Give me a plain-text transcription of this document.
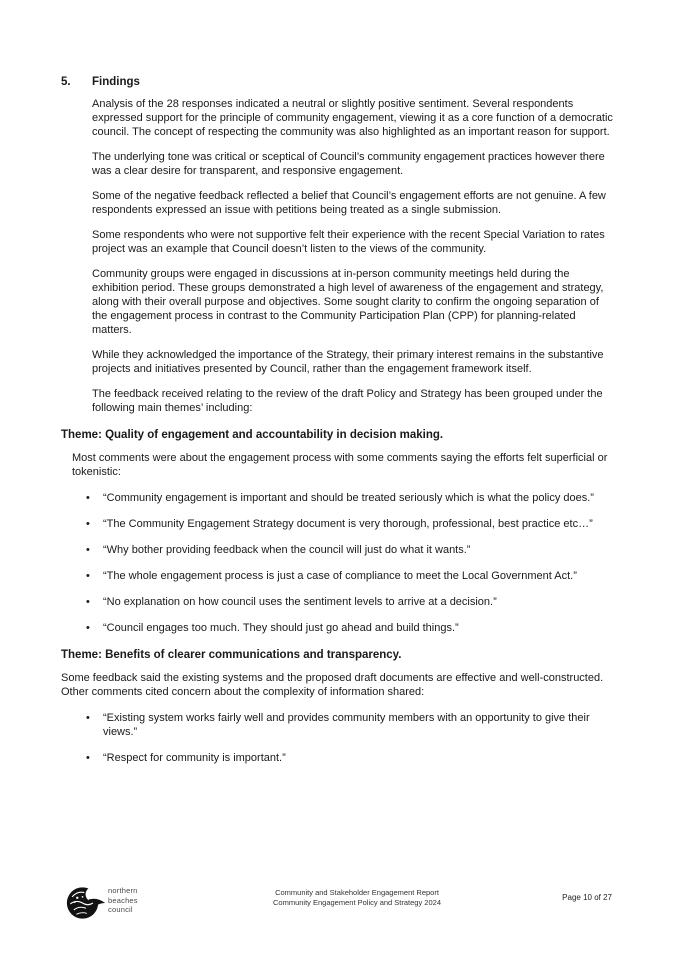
5.	Findings

Analysis of the 28 responses indicated a neutral or slightly positive sentiment. Several respondents expressed support for the principle of community engagement, viewing it as a core function of a democratic council. The concept of respecting the community was also highlighted as an important reason for support.

The underlying tone was critical or sceptical of Council’s community engagement practices however there was a clear desire for transparent, and responsive engagement.

Some of the negative feedback reflected a belief that Council’s engagement efforts are not genuine. A few respondents expressed an issue with petitions being treated as a single submission.

Some respondents who were not supportive felt their experience with the recent Special Variation to rates project was an example that Council doesn’t listen to the views of the community.

Community groups were engaged in discussions at in-person community meetings held during the exhibition period. These groups demonstrated a high level of awareness of the engagement and strategy, along with their overall purpose and objectives. Some sought clarity to confirm the ongoing separation of the engagement process in contrast to the Community Participation Plan (CPP) for planning-related matters.

While they acknowledged the importance of the Strategy, their primary interest remains in the substantive projects and initiatives presented by Council, rather than the engagement framework itself.

The feedback received relating to the review of the draft Policy and Strategy has been grouped under the following main themes’ including:

Theme: Quality of engagement and accountability in decision making.

Most comments were about the engagement process with some comments saying the efforts felt superficial or tokenistic:

• “Community engagement is important and should be treated seriously which is what the policy does.”
• “The Community Engagement Strategy document is very thorough, professional, best practice etc…”
• “Why bother providing feedback when the council will just do what it wants.”
• “The whole engagement process is just a case of compliance to meet the Local Government Act.”
• “No explanation on how council uses the sentiment levels to arrive at a decision.”
• “Council engages too much. They should just go ahead and build things.”
Theme: Benefits of clearer communications and transparency.

Some feedback said the existing systems and the proposed draft documents are effective and well-constructed. Other comments cited concern about the complexity of information shared:

• “Existing system works fairly well and provides community members with an opportunity to give their views.”
• “Respect for community is important.”
northern
beaches
council
Community and Stakeholder Engagement Report
Community Engagement Policy and Strategy 2024	Page 10 of 27
